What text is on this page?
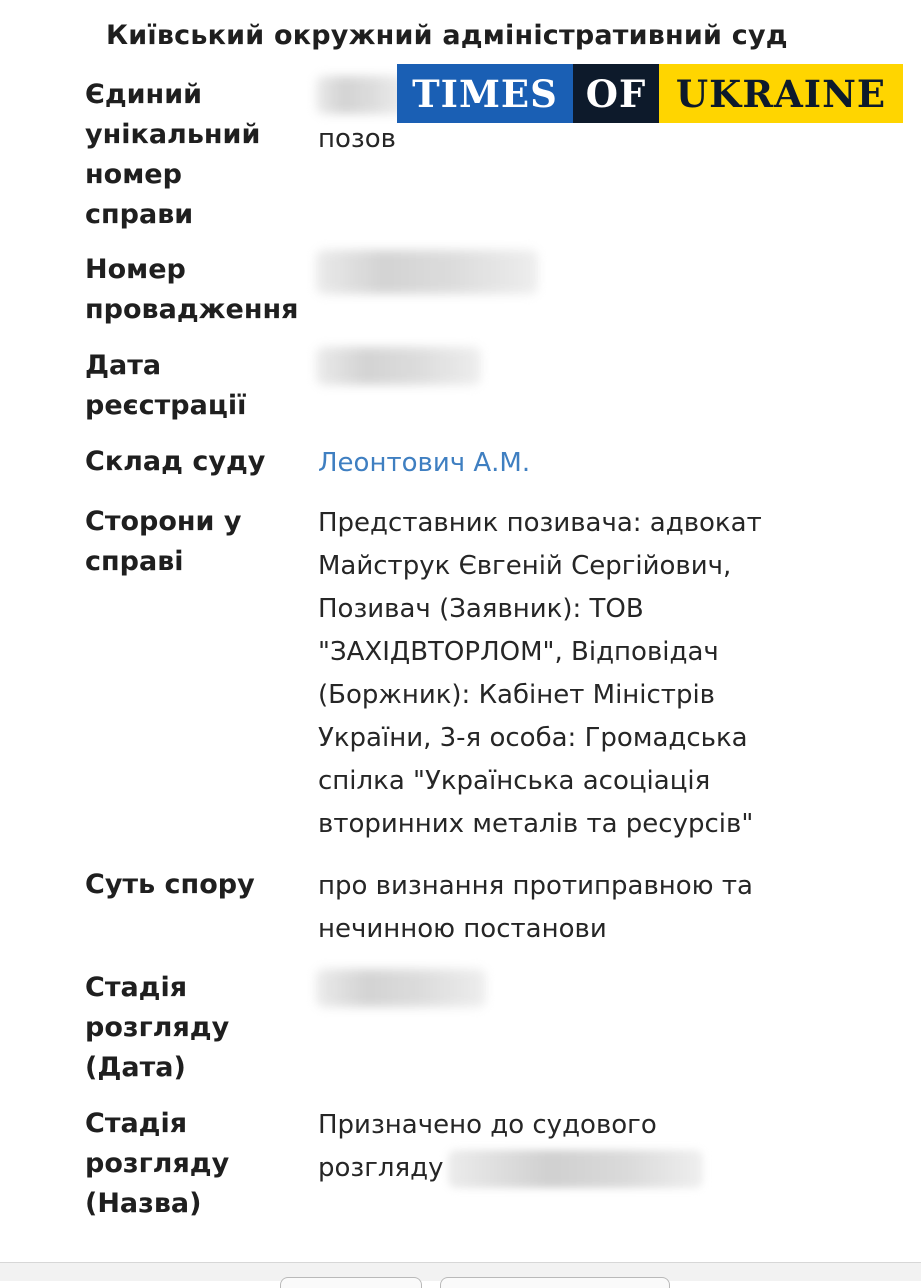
Київський окружний адміністративний суд
Єдиний
унікальний
номер
справи
позов
TIMES OF UKRAINE
Номер
провадження
Дата
реєстрації
Склад суду	Леонтович А.М.
Сторони у
справі
Представник позивача: адвокат Майструк Євгеній Сергійович, Позивач (Заявник): ТОВ "ЗАХІДВТОРЛОМ", Відповідач (Боржник): Кабінет Міністрів України, 3-я особа: Громадська спілка "Українська асоціація вторинних металів та ресурсів"
Суть спору	про визнання протиправною та нечинною постанови
Стадія
розгляду
(Дата)
Стадія
розгляду
(Назва)
Призначено до судового
розгляду
